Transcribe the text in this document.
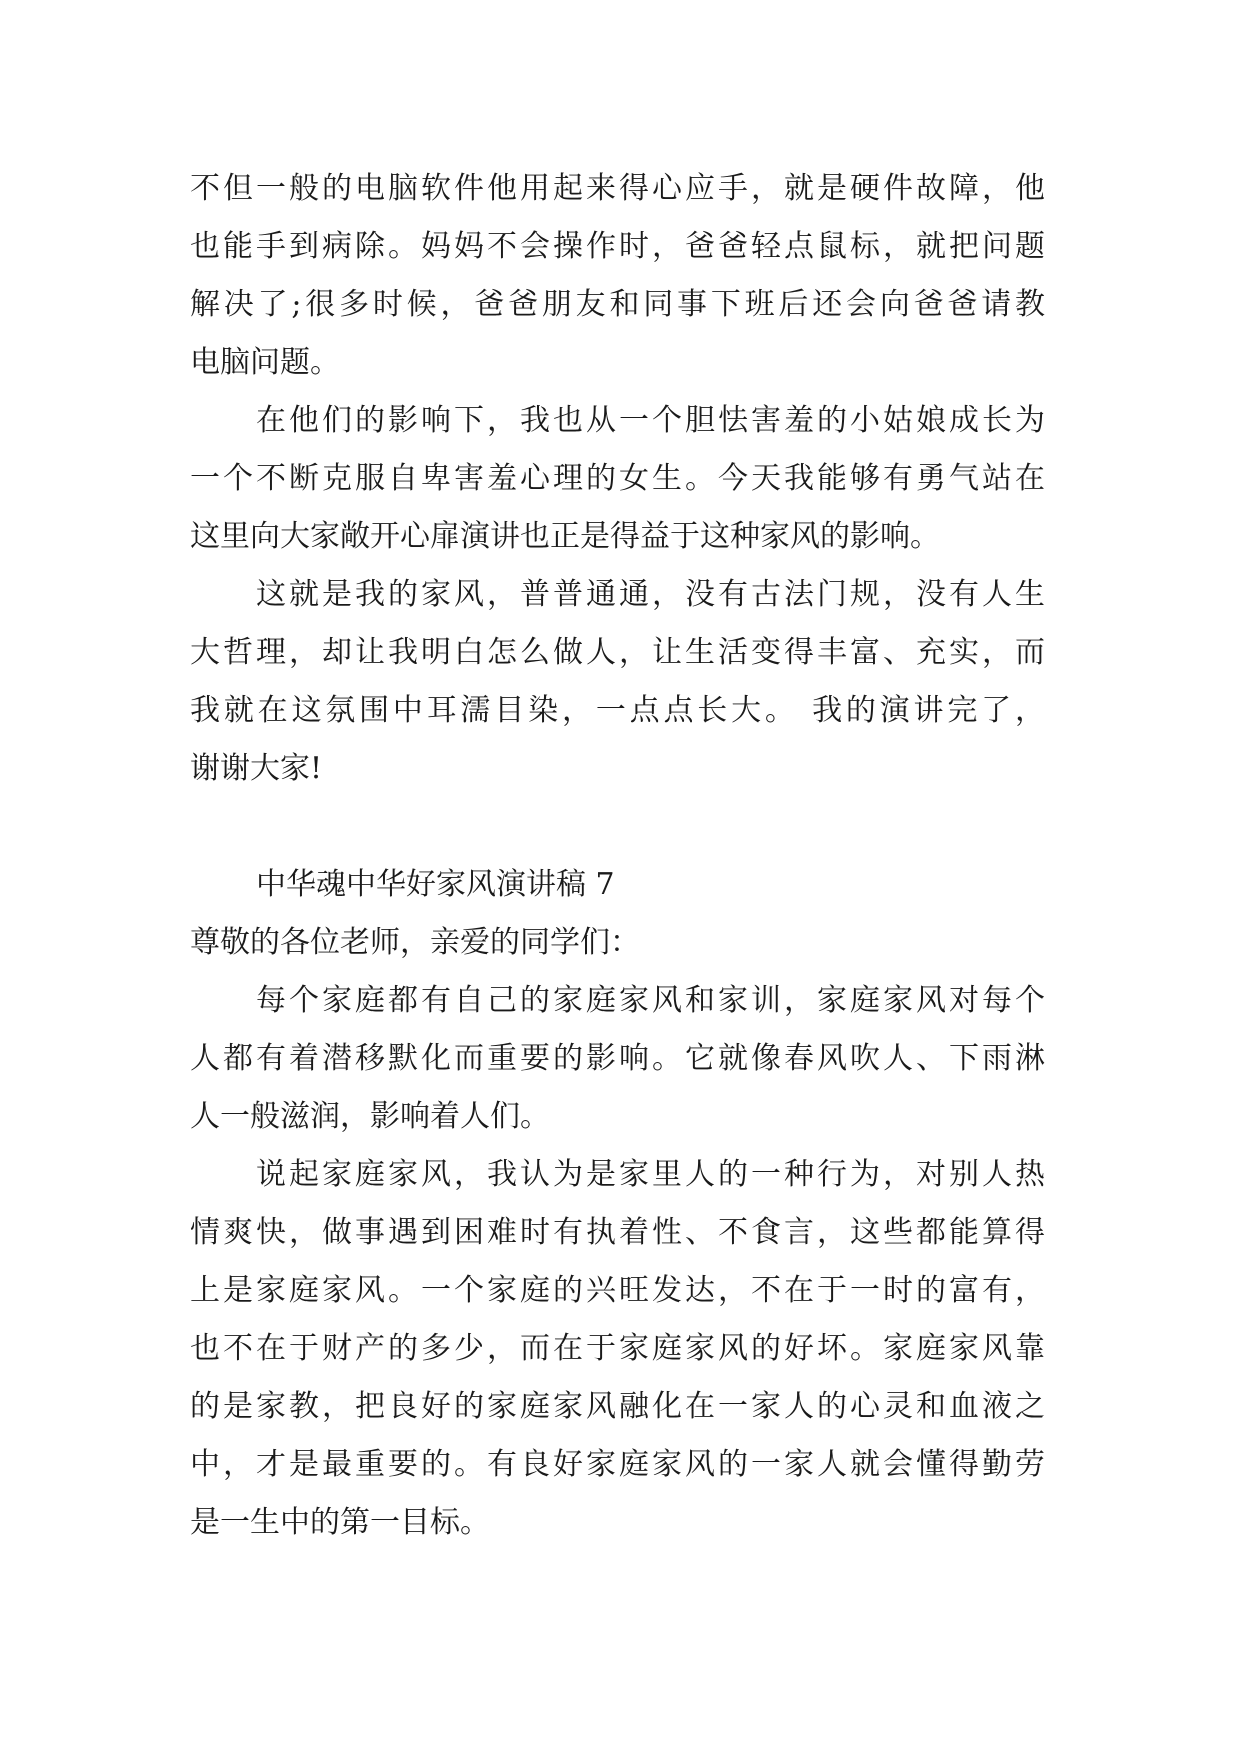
不但一般的电脑软件他用起来得心应手，就是硬件故障，他
也能手到病除。妈妈不会操作时，爸爸轻点鼠标，就把问题
解决了;很多时候，爸爸朋友和同事下班后还会向爸爸请教
电脑问题。
在他们的影响下，我也从一个胆怯害羞的小姑娘成长为
一个不断克服自卑害羞心理的女生。今天我能够有勇气站在
这里向大家敞开心扉演讲也正是得益于这种家风的影响。
这就是我的家风，普普通通，没有古法门规，没有人生
大哲理，却让我明白怎么做人，让生活变得丰富、充实，而
我就在这氛围中耳濡目染，一点点长大。 我的演讲完了，
谢谢大家!
中华魂中华好家风演讲稿 7
尊敬的各位老师，亲爱的同学们：
每个家庭都有自己的家庭家风和家训，家庭家风对每个
人都有着潜移默化而重要的影响。它就像春风吹人、下雨淋
人一般滋润，影响着人们。
说起家庭家风，我认为是家里人的一种行为，对别人热
情爽快，做事遇到困难时有执着性、不食言，这些都能算得
上是家庭家风。一个家庭的兴旺发达，不在于一时的富有，
也不在于财产的多少，而在于家庭家风的好坏。家庭家风靠
的是家教，把良好的家庭家风融化在一家人的心灵和血液之
中，才是最重要的。有良好家庭家风的一家人就会懂得勤劳
是一生中的第一目标。
